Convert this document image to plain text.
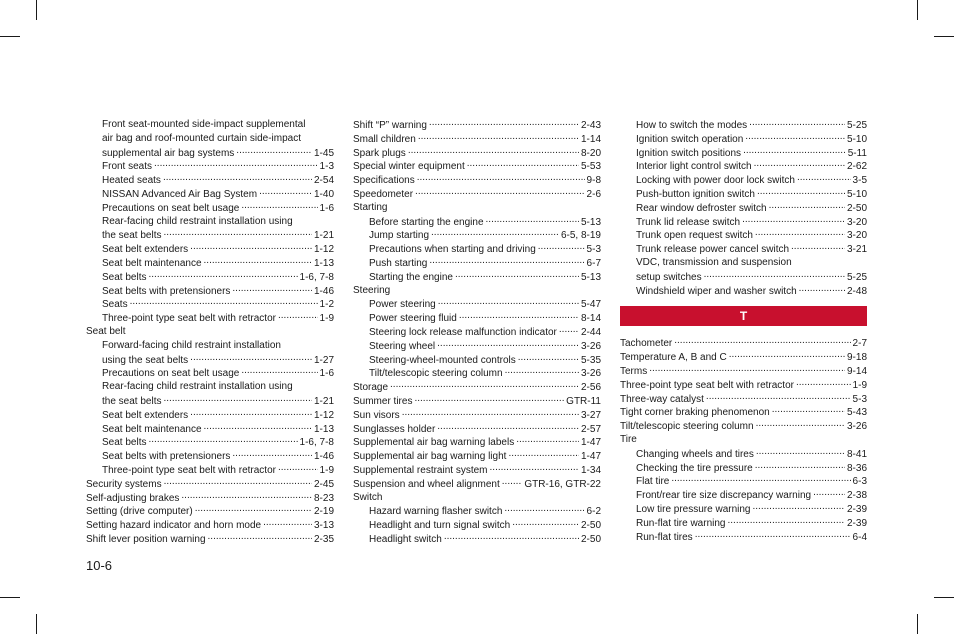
Front seat-mounted side-impact supplemental
air bag and roof-mounted curtain side-impact
supplemental air bag systems .....	1-45
Front seats .....	1-3
Heated seats .....	2-54
NISSAN Advanced Air Bag System .....	1-40
Precautions on seat belt usage .....	1-6
Rear-facing child restraint installation using
the seat belts .....	1-21
Seat belt extenders .....	1-12
Seat belt maintenance .....	1-13
Seat belts .....	1-6, 7-8
Seat belts with pretensioners .....	1-46
Seats .....	1-2
Three-point type seat belt with retractor .....	1-9
Seat belt
Forward-facing child restraint installation
using the seat belts .....	1-27
Precautions on seat belt usage .....	1-6
Rear-facing child restraint installation using
the seat belts .....	1-21
Seat belt extenders .....	1-12
Seat belt maintenance .....	1-13
Seat belts .....	1-6, 7-8
Seat belts with pretensioners .....	1-46
Three-point type seat belt with retractor .....	1-9
Security systems .....	2-45
Self-adjusting brakes .....	8-23
Setting (drive computer) .....	2-19
Setting hazard indicator and horn mode .....	3-13
Shift lever position warning .....	2-35
Shift “P” warning .....	2-43
Small children .....	1-14
Spark plugs .....	8-20
Special winter equipment .....	5-53
Specifications .....	9-8
Speedometer .....	2-6
Starting
Before starting the engine .....	5-13
Jump starting .....	6-5, 8-19
Precautions when starting and driving .....	5-3
Push starting .....	6-7
Starting the engine .....	5-13
Steering
Power steering .....	5-47
Power steering fluid .....	8-14
Steering lock release malfunction indicator ..... 2-44
Steering wheel .....	3-26
Steering-wheel-mounted controls .....	5-35
Tilt/telescopic steering column .....	3-26
Storage .....	2-56
Summer tires .....	GTR-11
Sun visors .....	3-27
Sunglasses holder .....	2-57
Supplemental air bag warning labels .....	1-47
Supplemental air bag warning light .....	1-47
Supplemental restraint system .....	1-34
Suspension and wheel alignment ..... GTR-16, GTR-22
Switch
Hazard warning flasher switch .....	6-2
Headlight and turn signal switch .....	2-50
Headlight switch .....	2-50
How to switch the modes .....	5-25
Ignition switch operation .....	5-10
Ignition switch positions .....	5-11
Interior light control switch .....	2-62
Locking with power door lock switch .....	3-5
Push-button ignition switch .....	5-10
Rear window defroster switch .....	2-50
Trunk lid release switch .....	3-20
Trunk open request switch .....	3-20
Trunk release power cancel switch .....	3-21
VDC, transmission and suspension
setup switches .....	5-25
Windshield wiper and washer switch .....	2-48
T
Tachometer .....	2-7
Temperature A, B and C .....	9-18
Terms .....	9-14
Three-point type seat belt with retractor .....	1-9
Three-way catalyst .....	5-3
Tight corner braking phenomenon .....	5-43
Tilt/telescopic steering column .....	3-26
Tire
Changing wheels and tires .....	8-41
Checking the tire pressure .....	8-36
Flat tire .....	6-3
Front/rear tire size discrepancy warning .....	2-38
Low tire pressure warning .....	2-39
Run-flat tire warning .....	2-39
Run-flat tires .....	6-4
10-6
